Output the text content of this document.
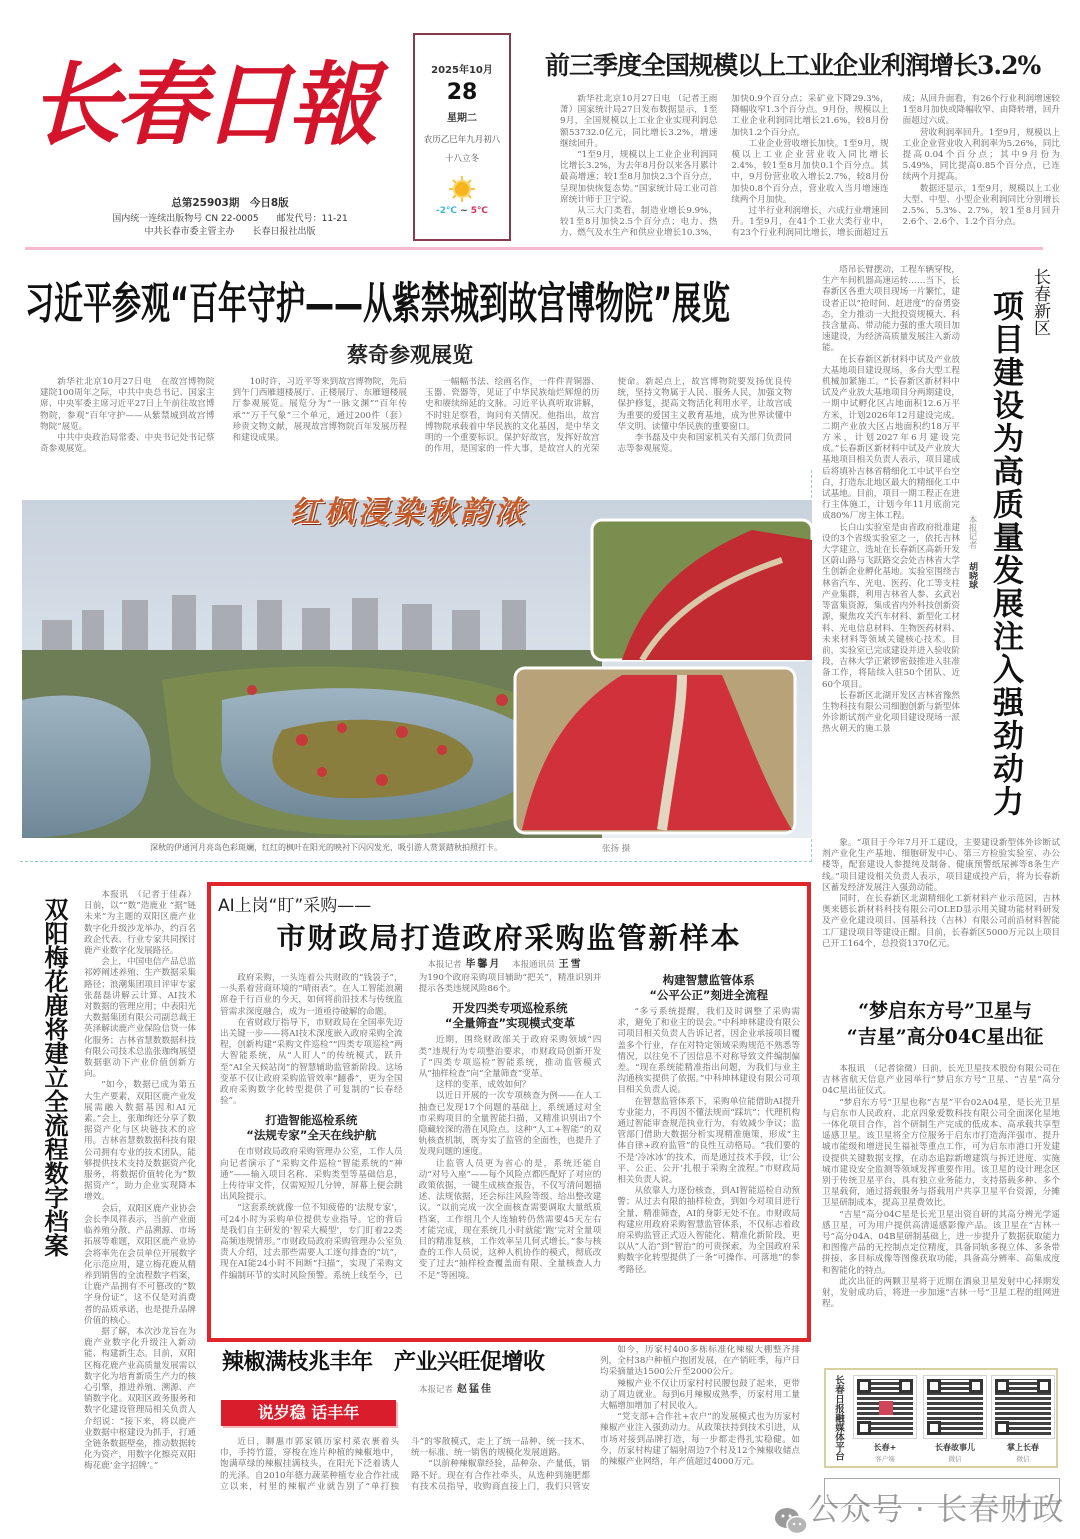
长春日報
总第25903期　今日8版
国内统一连续出版物号 CN 22-0005　　邮发代号：11-21
中共长春市委主管主办　　长春日报社出版
2025年10月
28
星期二
农历乙巳年九月初八
十八立冬
-2℃ ~ 5℃
前三季度全国规模以上工业企业利润增长3.2%

新华社北京10月27日电 （记者王雨萧）国家统计局27日发布数据显示，1至9月，全国规模以上工业企业实现利润总额53732.0亿元，同比增长3.2%，增速继续回升。

“1至9月，规模以上工业企业利润同比增长3.2%，为去年8月份以来各月累计最高增速；较1至8月加快2.3个百分点，呈现加快恢复态势。”国家统计局工业司首席统计师于卫宁说。

从三大门类看，制造业增长9.9%，较1至8月加快2.5个百分点；电力、热力、燃气及水生产和供应业增长10.3%，加快0.9个百分点；采矿业下降29.3%，降幅收窄1.3个百分点。9月份，规模以上工业企业利润同比增长21.6%，较8月份加快1.2个百分点。

工业企业营收增长加快。1至9月，规模以上工业企业营业收入同比增长2.4%，较1至8月加快0.1个百分点。其中，9月份营业收入增长2.7%，较8月份加快0.8个百分点，营业收入当月增速连续两个月加快。

过半行业利润增长，六成行业增速回升。1至9月，在41个工业大类行业中，有23个行业利润同比增长，增长面超过五成；从回升面看，有26个行业利润增速较1至8月加快或降幅收窄、由降转增，回升面超过六成。

营收利润率回升。1至9月，规模以上工业企业营业收入利润率为5.26%，同比提高0.04个百分点；其中9月份为5.49%，同比提高0.85个百分点，已连续两个月提高。

数据还显示，1至9月，规模以上工业大型、中型、小型企业利润同比分别增长2.5%、5.3%、2.7%，较1至8月回升2.6个、2.6个、1.2个百分点。

习近平参观“百年守护——从紫禁城到故宫博物院”展览
蔡奇参观展览

新华社北京10月27日电　在故宫博物院建院100周年之际，中共中央总书记、国家主席、中央军委主席习近平27日上午前往故宫博物院，参观“百年守护——从紫禁城到故宫博物院”展览。

中共中央政治局常委、中央书记处书记蔡奇参观展览。

10时许，习近平等来到故宫博物院，先后到午门西雁翅楼展厅、正楼展厅、东雁翅楼展厅参观展览。展览分为“一脉文渊”“百年传承”“万千气象”三个单元，通过200件（套）珍贵文物文献，展现故宫博物院百年发展历程和建设成果。

一幅幅书法、绘画名作，一件件青铜器、玉器、瓷器等，见证了中华民族灿烂辉煌的历史和赓续绵延的文脉。习近平认真听取讲解，不时驻足察看，询问有关情况。他指出，故宫博物院承载着中华民族的文化基因，是中华文明的一个重要标识。保护好故宫，发挥好故宫的作用，是国家的一件大事，是故宫人的光荣使命。新起点上，故宫博物院要发扬优良传统，坚持文物属于人民、服务人民，加强文物保护修复，提高文物活化利用水平，让故宫成为重要的爱国主义教育基地，成为世界读懂中华文明、读懂中华民族的重要窗口。

李书磊及中央和国家机关有关部门负责同志等参观展览。

红枫浸染秋韵浓
深秋的伊通河月亮岛色彩斑斓，红红的枫叶在阳光的映衬下闪闪发光，吸引游人赏景踏秋拍照打卡。	张扬 摄

塔吊长臂摆动，工程车辆穿梭，生产车间机器高速运转……当下，长春新区各重大项目现场一片繁忙，建设者正以“抢时间、赶进度”的奋勇姿态，全力推动一大批投资规模大、科技含量高、带动能力强的重大项目加速建设，为经济高质量发展注入新动能。

在长春新区新材料中试及产业放大基地项目建设现场，多台大型工程机械加紧施工。“长春新区新材料中试及产业放大基地项目分两期建设，一期中试孵化区占地面积12.6万平方米，计划2026年12月建设完成。二期产业放大区占地面积约18万平方米，计划2027年6月建设完成。”长春新区新材料中试及产业放大基地项目相关负责人表示，项目建成后将填补吉林省精细化工中试平台空白，打造东北地区最大的精细化工中试基地。目前，项目一期工程正在进行主体施工，计划今年11月底前完成80%厂房主体工程。

长白山实验室是由省政府批准建设的3个省级实验室之一，依托吉林大学建立，选址在长春新区高新开发区蔚山路与飞跃路交会处吉林省大学生创新企业孵化基地。实验室围绕吉林省汽车、光电、医药、化工等支柱产业集群，利用吉林省人参、玄武岩等富集资源，集成省内外科技创新资源，聚焦攻关汽车材料、新型化工材料、光电信息材料、生物医药材料、未来材料等领域关键核心技术。目前，实验室已完成建设并进入验收阶段，吉林大学正紧锣密鼓推进入驻准备工作，将陆续入驻50个团队、近60个项目。

长春新区北湖开发区吉林省豫然生物科技有限公司细胞创新与新型体外诊断试剂产业化项目建设现场一派热火朝天的施工景

象。“项目于今年7月开工建设，主要建设新型体外诊断试剂产业化生产基地、细胞研发中心、第三方检验实验室、办公楼等，配套建设人参提纯及制备、健康预警纸尿裤等8条生产线。”项目建设相关负责人表示，项目建成投产后，将为长春新区蓄发经济发展注入强劲动能。

同时，在长春新区北湖精细化工新材料产业示范园，吉林奥来德长新材料科技有限公司OLED显示用关键功能材料研发及产业化建设项目、国基科技（吉林）有限公司前沿材料智能工厂建设项目等建设正酣。目前，长春新区5000万元以上项目已开工164个，总投资1370亿元。

长春新区
项目建设为高质量发展注入强劲动力
本报记者
胡晓球
双阳梅花鹿将建立全流程数字档案

本报讯　（记者于佳森）日前，以““数”造鹿业 “据”链未来”为主题的双阳区鹿产业数字化升级沙龙举办，约百名政企代表、行业专家共同探讨鹿产业数字化发展路径。

会上，中国电信产品总监祁婷阐述养殖、生产数据采集路径；浪潮集团项目评审专家张磊磊讲解云计算、AI技术对数据的管理应用；中表阳光大数据集团有限公司副总裁王英泽解读鹿产业保险信贷一体化服务；吉林省慧数数据科技有限公司技术总监张珈绚展望数据驱动下产业价值创新方向。

“如今，数据已成为第五大生产要素，双阳区鹿产业发展需融入数据基因和AI元素。”会上，张珈绚还分享了数据资产化与区块链技术的应用。吉林省慧数数据科技有限公司拥有专业的技术团队，能够提供技术支持及数据资产化服务，将数据价值转化为“数据资产”，助力企业实现降本增效。

会后，双阳区鹿产业协会会长李凤祥表示，当前产业面临养殖分散、产品溯源、市场拓展等难题，双阳区鹿产业协会将率先在会员单位开展数字化示范应用，建立梅花鹿从精养到销售的全流程数字档案，让鹿产品拥有不可篡改的“数字身份证”，这不仅是对消费者的品质承诺，也是提升品牌价值的核心。

据了解，本次沙龙旨在为鹿产业数字化升级注入新动能、构建新生态。目前，双阳区梅花鹿产业高质量发展需以数字化为培育新质生产力的核心引擎，推进养殖、溯源、产销数字化。双阳区政务服务和数字化建设管理局相关负责人介绍说：“接下来，将以鹿产业数据中枢建设为抓手，打通全链条数据壁垒，推动数据转化为资产，用数字化擦亮双阳梅花鹿‘金字招牌’。”

AI上岗“盯”采购——
市财政局打造政府采购监管新样本
本报记者 毕馨月 本报通讯员 王雪

政府采购，一头连着公共财政的“钱袋子”，一头系着营商环境的“晴雨表”。在人工智能浪潮席卷千行百业的今天，如何将前沿技术与传统监管需求深度融合，成为一道亟待破解的命题。

在省财政厅指导下，市财政局在全国率先迈出关键一步——将AI技术深度嵌入政府采购全流程，创新构建“采购文件巡检”“四类专项巡检”两大智能系统，从“人盯人”的传统模式，跃升至“AI全天候站岗”的智慧辅助监管新阶段。这场变革不仅让政府采购监管效率“翻番”，更为全国政府采购数字化转型提供了可复制的“长春经验”。

打造智能巡检系统
“法规专家”全天在线护航

在市财政局政府采购管理办公室，工作人员向记者演示了“采购文件巡检”智能系统的“神通”——输入项目名称、采购类型等基础信息，上传待审文件，仅需短短几分钟，屏幕上便会跳出风险提示。

“这套系统就像一位不知疲倦的‘法规专家’，可24小时为采购单位提供专业指导。它的背后是我们自主研发的‘智采大模型’，专门盯着22类高频违规情形。”市财政局政府采购管理办公室负责人介绍，过去那些需要人工逐句排查的“坑”，现在AI能24小时不间断“扫描”，实现了采购文件编制环节的实时风险预警。系统上线至今，已为190个政府采购项目辅助“把关”，精准识别并提示各类违规风险86个。

开发四类专项巡检系统
“全量筛查”实现模式变革

近期，围绕财政部关于政府采购领域“四类”违规行为专项整治要求，市财政局创新开发了“四类专项巡检”智能系统，推动监管模式从“抽样检查”向“全量筛查”变革。

这样的变革，成效如何？

以近日开展的一次专项核查为例——在人工抽查已发现17个问题的基础上，系统通过对全市采购项目的全量智能扫描，又精准识别出7个隐藏较深的潜在风险点。这种“人工+智能”的双轨核查机制，既夯实了监管的全面性，也提升了发现问题的速度。

让监管人员更为省心的是，系统还能自动“对号入座”——每个风险点都匹配好了对应的政策依据，一键生成核查报告，不仅写清问题描述、法规依据，还会标注风险等级、给出整改建议。“以前完成一次全面核查需要调取大量纸质档案，工作组几个人连轴转仍然需要45天左右才能完成，现在系统几小时就能‘跑’完对全量项目的精准复核，工作效率呈几何式增长。”参与核查的工作人员说，这种人机协作的模式，彻底改变了过去“抽样检查覆盖面有限、全量核查人力不足”等困境。

构建智慧监管体系
“公平公正”刻进全流程

“多亏系统提醒，我们及时调整了采购需求，避免了和业主的误会。”中科坤林建设有限公司项目相关负责人告诉记者，因企业承接项目覆盖多个行业，存在对特定领域采购规范不熟悉等情况，以往免不了因信息不对称导致文件编制偏差。“现在系统能精准指出问题，为我们与业主沟通核实提供了依据。”中科坤林建设有限公司项目相关负责人说。

在智慧监管体系下，采购单位能借助AI提升专业能力，不再因不懂法规而“踩坑”；代理机构通过智能审查规范执业行为，有效减少争议；监管部门借助大数据分析实现精准施策，形成“主体自律+政府监管”的良性互动格局。“我们要的不是‘冷冰冰’的技术，而是通过技术手段，让‘公平、公正、公开’扎根于采购全流程。”市财政局相关负责人说。

从依靠人力逐份核查，到AI智能巡检自动预警；从过去有限的抽样检查，到如今对项目进行全量、精准筛查，AI的身影无处不在。市财政局构建应用政府采购智慧监管体系，不仅标志着政府采购监管正式迈入智能化、精准化新阶段，更以从“人治”到“智治”的可贵探索，为全国政府采购数字化转型提供了一条“可操作、可落地”的参考路径。

“梦启东方号”卫星与
“吉星”高分04C星出征

本报讯　（记者徐微）日前，长光卫星技术股份有限公司在吉林省航天信息产业园举行“梦启东方号”卫星、“吉星”高分04C星出征仪式。

“梦启东方号”卫星也称“吉星”平台02A04星，是长光卫星与启东市人民政府、北京四象爱数科技有限公司全面深化星地一体化项目合作，首个研制生产完成的低成本、高承载共享型遥感卫星。该卫星将全方位服务于启东市打造海洋强市、提升城市能级和增进民生福祉等重点工作，可为启东市港口开发建设提供关键数据支撑，在动态追踪新增建筑与拆迁进度、实施城市建设安全监测等领域发挥重要作用。该卫星的设计理念区别于传统卫星平台，具有独立业务能力，支持搭载多种、多个卫星载荷，通过搭载服务与搭载用户共享卫星平台资源，分摊卫星研制成本，提高卫星费效比。

“吉星”高分04C星是长光卫星出资自研的其高分辨光学遥感卫星，可为用户提供高清遥感影像产品。该卫星在“吉林一号”高分04A、04B星研制基础上，进一步提升了数据获取能力和图像产品的无控制点定位精度，具备同轨多视立体、多条带拼接、多目标成像等图像获取功能，具备高分辨率、高集成度和智能化的特点。

此次出征的两颗卫星将于近期在酒泉卫星发射中心择期发射，发射成功后，将进一步加速“吉林一号”卫星工程的组网进程。

辣椒满枝兆丰年　产业兴旺促增收
本报记者 赵猛佳
说岁稳 话丰年

近日，聊惠市郭家镇历家村菜农裹着头巾，手挎竹篮，穿梭在连片种植的辣椒地中，饱满草绿的辣椒挂满枝头，在阳光下泛着诱人的光泽。自2010年德力蔬菜种植专业合作社成立以来，村里的辣椒产业就告别了“单打独斗”的零散模式，走上了统一品种、统一技术、统一标准、统一销售的规模化发展道路。

“以前种辣椒靠经验，品种杂、产量低，销路不好。现在有合作社牵头，从选种到施肥都有技术员指导，收购商直接上门，我们只管安

如今，历家村400多栋标准化辣椒大棚整齐排列，全村38户种植户抱团发展，在产销旺季，每户日均采摘量达1500公斤至2000公斤。

辣椒产业不仅让历家村村民腰包鼓了起来，更带动了周边就业。每到6月辣椒成熟季，历家村用工量大幅增加增加了村民收入。

“党支部+合作社+农户”的发展模式也为历家村辣椒产业注入强劲动力。从政策扶持到技术引进，从市场对接到品牌打造，每一步都走得扎实稳健。如今，历家村构建了辐射周边7个村及12个辣椒收储点的辣椒产业网络，年产值超过4000万元。

长春日报融媒体平台	长春+
客户端
长春故事儿
微信
掌上长春
微信
公众号 · 长春财政
